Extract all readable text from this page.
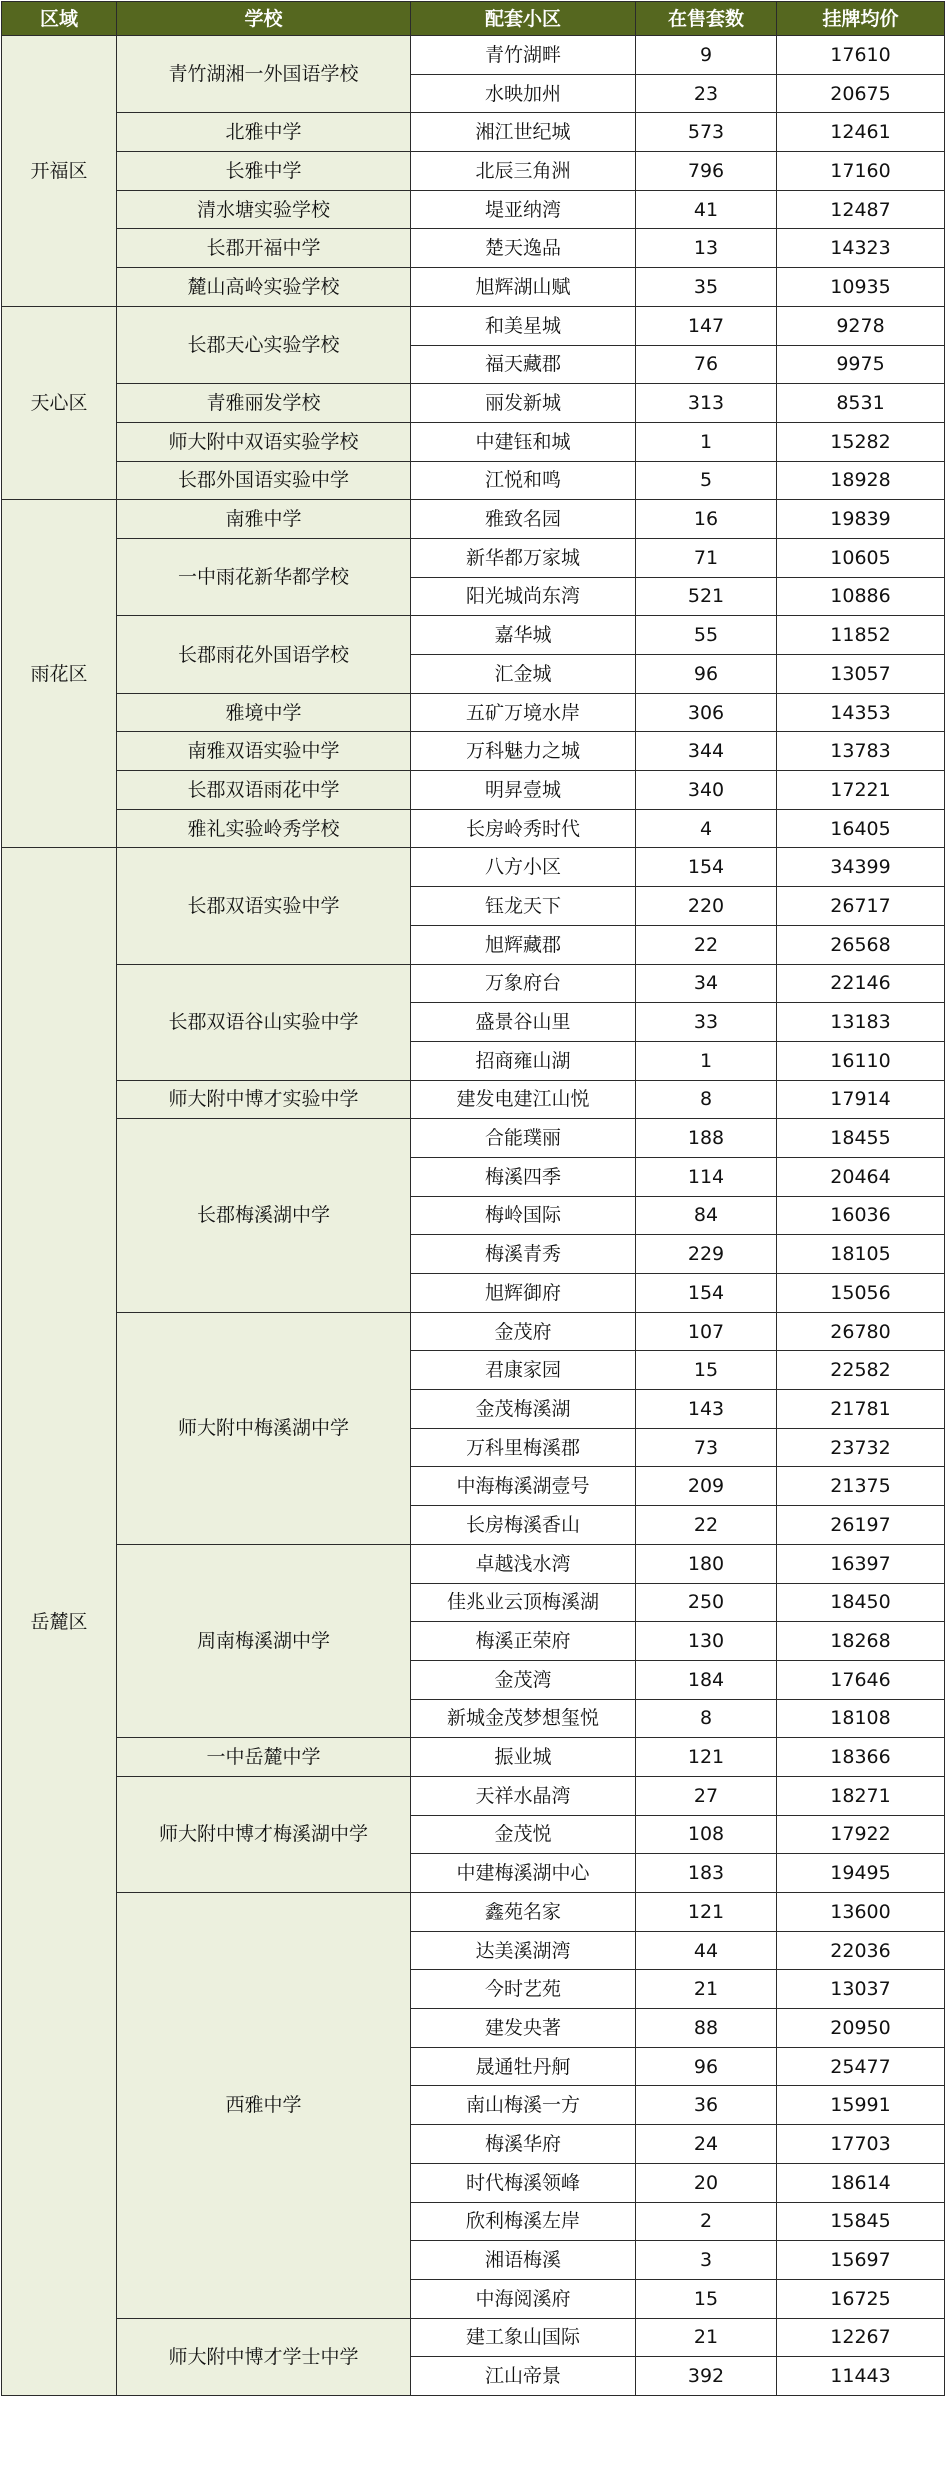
区域	学校	配套小区	在售套数	挂牌均价
开福区	青竹湖湘一外国语学校	青竹湖畔	9	17610
		水映加州	23	20675
	北雅中学	湘江世纪城	573	12461
	长雅中学	北辰三角洲	796	17160
	清水塘实验学校	堤亚纳湾	41	12487
	长郡开福中学	楚天逸品	13	14323
	麓山高岭实验学校	旭辉湖山赋	35	10935
天心区	长郡天心实验学校	和美星城	147	9278
		福天藏郡	76	9975
	青雅丽发学校	丽发新城	313	8531
	师大附中双语实验学校	中建钰和城	1	15282
	长郡外国语实验中学	江悦和鸣	5	18928
雨花区	南雅中学	雅致名园	16	19839
	一中雨花新华都学校	新华都万家城	71	10605
		阳光城尚东湾	521	10886
	长郡雨花外国语学校	嘉华城	55	11852
		汇金城	96	13057
	雅境中学	五矿万境水岸	306	14353
	南雅双语实验中学	万科魅力之城	344	13783
	长郡双语雨花中学	明昇壹城	340	17221
	雅礼实验岭秀学校	长房岭秀时代	4	16405
岳麓区	长郡双语实验中学	八方小区	154	34399
		钰龙天下	220	26717
		旭辉藏郡	22	26568
	长郡双语谷山实验中学	万象府台	34	22146
		盛景谷山里	33	13183
		招商雍山湖	1	16110
	师大附中博才实验中学	建发电建江山悦	8	17914
	长郡梅溪湖中学	合能璞丽	188	18455
		梅溪四季	114	20464
		梅岭国际	84	16036
		梅溪青秀	229	18105
		旭辉御府	154	15056
	师大附中梅溪湖中学	金茂府	107	26780
		君康家园	15	22582
		金茂梅溪湖	143	21781
		万科里梅溪郡	73	23732
		中海梅溪湖壹号	209	21375
		长房梅溪香山	22	26197
	周南梅溪湖中学	卓越浅水湾	180	16397
		佳兆业云顶梅溪湖	250	18450
		梅溪正荣府	130	18268
		金茂湾	184	17646
		新城金茂梦想玺悦	8	18108
	一中岳麓中学	振业城	121	18366
	师大附中博才梅溪湖中学	天祥水晶湾	27	18271
		金茂悦	108	17922
		中建梅溪湖中心	183	19495
	西雅中学	鑫苑名家	121	13600
		达美溪湖湾	44	22036
		今时艺苑	21	13037
		建发央著	88	20950
		晟通牡丹舸	96	25477
		南山梅溪一方	36	15991
		梅溪华府	24	17703
		时代梅溪领峰	20	18614
		欣利梅溪左岸	2	15845
		湘语梅溪	3	15697
		中海阅溪府	15	16725
	师大附中博才学士中学	建工象山国际	21	12267
		江山帝景	392	11443
